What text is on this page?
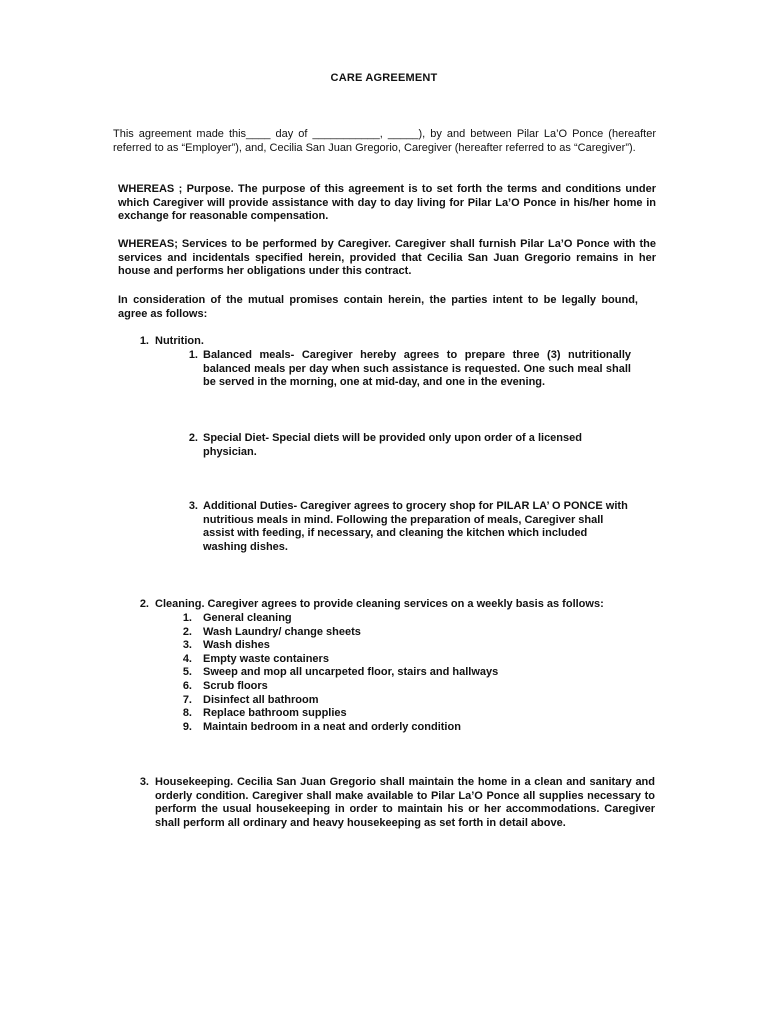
CARE AGREEMENT
This agreement made this____ day of ___________, _____), by and between Pilar La’O Ponce (hereafter referred to as “Employer”), and, Cecilia San Juan Gregorio, Caregiver (hereafter referred to as “Caregiver”).
WHEREAS ; Purpose. The purpose of this agreement is to set forth the terms and conditions under which Caregiver will provide assistance with day to day living for Pilar La’O Ponce in his/her home in exchange for reasonable compensation.
WHEREAS; Services to be performed by Caregiver. Caregiver shall furnish Pilar La’O Ponce with the services and incidentals specified herein, provided that Cecilia San Juan Gregorio remains in her house and performs her obligations under this contract.
In consideration of the mutual promises contain herein, the parties intent to be legally bound, agree as follows:
1. Nutrition.
1. Balanced meals- Caregiver hereby agrees to prepare three (3) nutritionally balanced meals per day when such assistance is requested. One such meal shall be served in the morning, one at mid-day, and one in the evening.
2. Special Diet- Special diets will be provided only upon order of a licensed physician.
3. Additional Duties- Caregiver agrees to grocery shop for PILAR LA’ O PONCE with nutritious meals in mind. Following the preparation of meals, Caregiver shall assist with feeding, if necessary, and cleaning the kitchen which included washing dishes.
2. Cleaning. Caregiver agrees to provide cleaning services on a weekly basis as follows:
1. General cleaning
2. Wash Laundry/ change sheets
3. Wash dishes
4. Empty waste containers
5. Sweep and mop all uncarpeted floor, stairs and hallways
6. Scrub floors
7. Disinfect all bathroom
8. Replace bathroom supplies
9. Maintain bedroom in a neat and orderly condition
3. Housekeeping. Cecilia San Juan Gregorio shall maintain the home in a clean and sanitary and orderly condition. Caregiver shall make available to Pilar La’O Ponce all supplies necessary to perform the usual housekeeping in order to maintain his or her accommodations. Caregiver shall perform all ordinary and heavy housekeeping as set forth in detail above.
